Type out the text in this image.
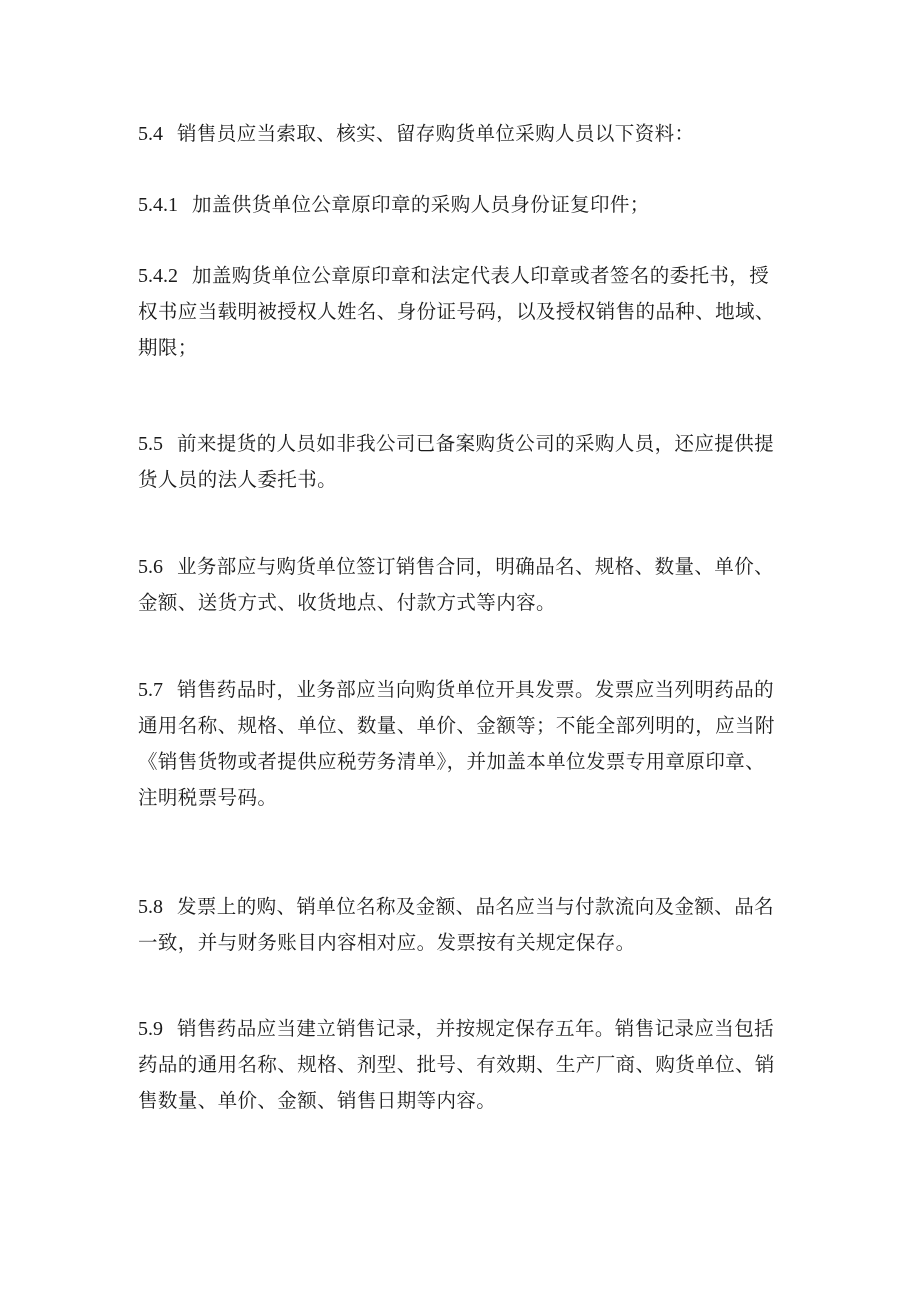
5.4 销售员应当索取、核实、留存购货单位采购人员以下资料：
5.4.1 加盖供货单位公章原印章的采购人员身份证复印件；
5.4.2 加盖购货单位公章原印章和法定代表人印章或者签名的委托书，授
权书应当载明被授权人姓名、身份证号码，以及授权销售的品种、地域、
期限；
5.5 前来提货的人员如非我公司已备案购货公司的采购人员，还应提供提
货人员的法人委托书。
5.6 业务部应与购货单位签订销售合同，明确品名、规格、数量、单价、
金额、送货方式、收货地点、付款方式等内容。
5.7 销售药品时，业务部应当向购货单位开具发票。发票应当列明药品的
通用名称、规格、单位、数量、单价、金额等；不能全部列明的，应当附
《销售货物或者提供应税劳务清单》，并加盖本单位发票专用章原印章、
注明税票号码。
5.8 发票上的购、销单位名称及金额、品名应当与付款流向及金额、品名
一致，并与财务账目内容相对应。发票按有关规定保存。
5.9 销售药品应当建立销售记录，并按规定保存五年。销售记录应当包括
药品的通用名称、规格、剂型、批号、有效期、生产厂商、购货单位、销
售数量、单价、金额、销售日期等内容。
